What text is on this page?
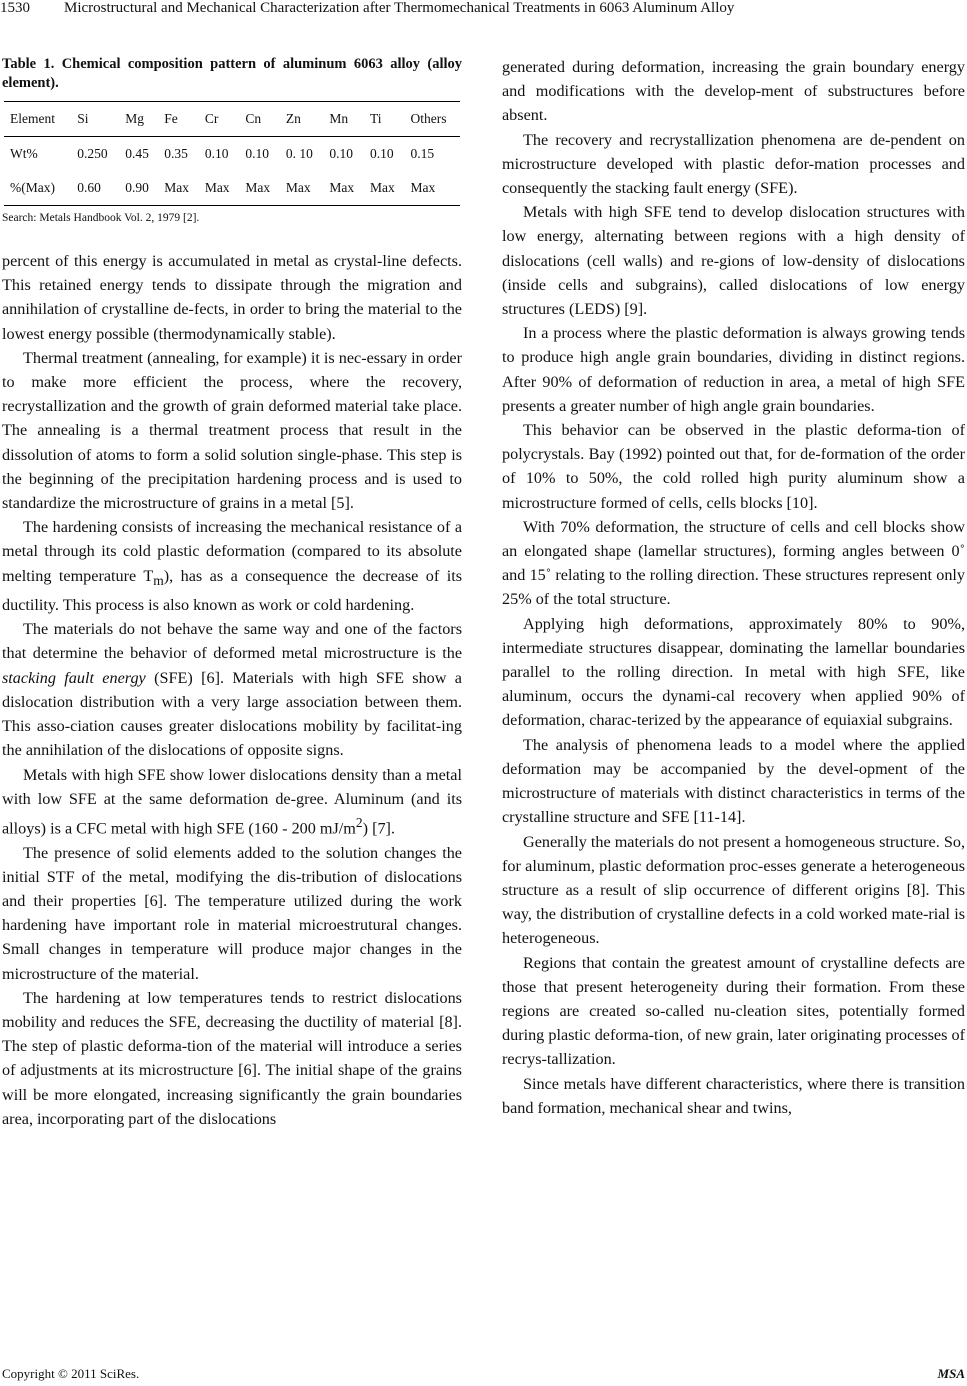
1530 Microstructural and Mechanical Characterization after Thermomechanical Treatments in 6063 Aluminum Alloy

Table 1. Chemical composition pattern of aluminum 6063 alloy (alloy element).

Element	Si	Mg	Fe	Cr	Cn	Zn	Mn	Ti	Others
Wt%	0.250	0.45	0.35	0.10	0.10	0. 10	0.10	0.10	0.15
%(Max)	0.60	0.90	Max	Max	Max	Max	Max	Max	Max

Search: Metals Handbook Vol. 2, 1979 [2].

percent of this energy is accumulated in metal as crystal-line defects. This retained energy tends to dissipate through the migration and annihilation of crystalline de-fects, in order to bring the material to the lowest energy possible (thermodynamically stable).

Thermal treatment (annealing, for example) it is nec-essary in order to make more efficient the process, where the recovery, recrystallization and the growth of grain deformed material take place. The annealing is a thermal treatment process that result in the dissolution of atoms to form a solid solution single-phase. This step is the beginning of the precipitation hardening process and is used to standardize the microstructure of grains in a metal [5].

The hardening consists of increasing the mechanical resistance of a metal through its cold plastic deformation (compared to its absolute melting temperature $T_m$), has as a consequence the decrease of its ductility. This process is also known as work or cold hardening.

The materials do not behave the same way and one of the factors that determine the behavior of deformed metal microstructure is the stacking fault energy (SFE) [6]. Materials with high SFE show a dislocation distribution with a very large association between them. This asso-ciation causes greater dislocations mobility by facilitat-ing the annihilation of the dislocations of opposite signs.

Metals with high SFE show lower dislocations density than a metal with low SFE at the same deformation de-gree. Aluminum (and its alloys) is a CFC metal with high SFE (160 - 200 $mJ/m^2$) [7].

The presence of solid elements added to the solution changes the initial STF of the metal, modifying the dis-tribution of dislocations and their properties [6]. The temperature utilized during the work hardening have important role in material microestrutural changes. Small changes in temperature will produce major changes in the microstructure of the material.

The hardening at low temperatures tends to restrict dislocations mobility and reduces the SFE, decreasing the ductility of material [8]. The step of plastic deforma-tion of the material will introduce a series of adjustments at its microstructure [6]. The initial shape of the grains will be more elongated, increasing significantly the grain boundaries area, incorporating part of the dislocations

generated during deformation, increasing the grain boundary energy and modifications with the develop-ment of substructures before absent.

The recovery and recrystallization phenomena are de-pendent on microstructure developed with plastic defor-mation processes and consequently the stacking fault energy (SFE).

Metals with high SFE tend to develop dislocation structures with low energy, alternating between regions with a high density of dislocations (cell walls) and re-gions of low-density of dislocations (inside cells and subgrains), called dislocations of low energy structures (LEDS) [9].

In a process where the plastic deformation is always growing tends to produce high angle grain boundaries, dividing in distinct regions. After 90% of deformation of reduction in area, a metal of high SFE presents a greater number of high angle grain boundaries.

This behavior can be observed in the plastic deforma-tion of polycrystals. Bay (1992) pointed out that, for de-formation of the order of 10% to 50%, the cold rolled high purity aluminum show a microstructure formed of cells, cells blocks [10].

With 70% deformation, the structure of cells and cell blocks show an elongated shape (lamellar structures), forming angles between 0˚ and 15˚ relating to the rolling direction. These structures represent only 25% of the total structure.

Applying high deformations, approximately 80% to 90%, intermediate structures disappear, dominating the lamellar boundaries parallel to the rolling direction. In metal with high SFE, like aluminum, occurs the dynami-cal recovery when applied 90% of deformation, charac-terized by the appearance of equiaxial subgrains.

The analysis of phenomena leads to a model where the applied deformation may be accompanied by the devel-opment of the microstructure of materials with distinct characteristics in terms of the crystalline structure and SFE [11-14].

Generally the materials do not present a homogeneous structure. So, for aluminum, plastic deformation proc-esses generate a heterogeneous structure as a result of slip occurrence of different origins [8]. This way, the distribution of crystalline defects in a cold worked mate-rial is heterogeneous.

Regions that contain the greatest amount of crystalline defects are those that present heterogeneity during their formation. From these regions are created so-called nu-cleation sites, potentially formed during plastic deforma-tion, of new grain, later originating processes of recrys-tallization.

Since metals have different characteristics, where there is transition band formation, mechanical shear and twins,

Copyright © 2011 SciRes.	MSA
